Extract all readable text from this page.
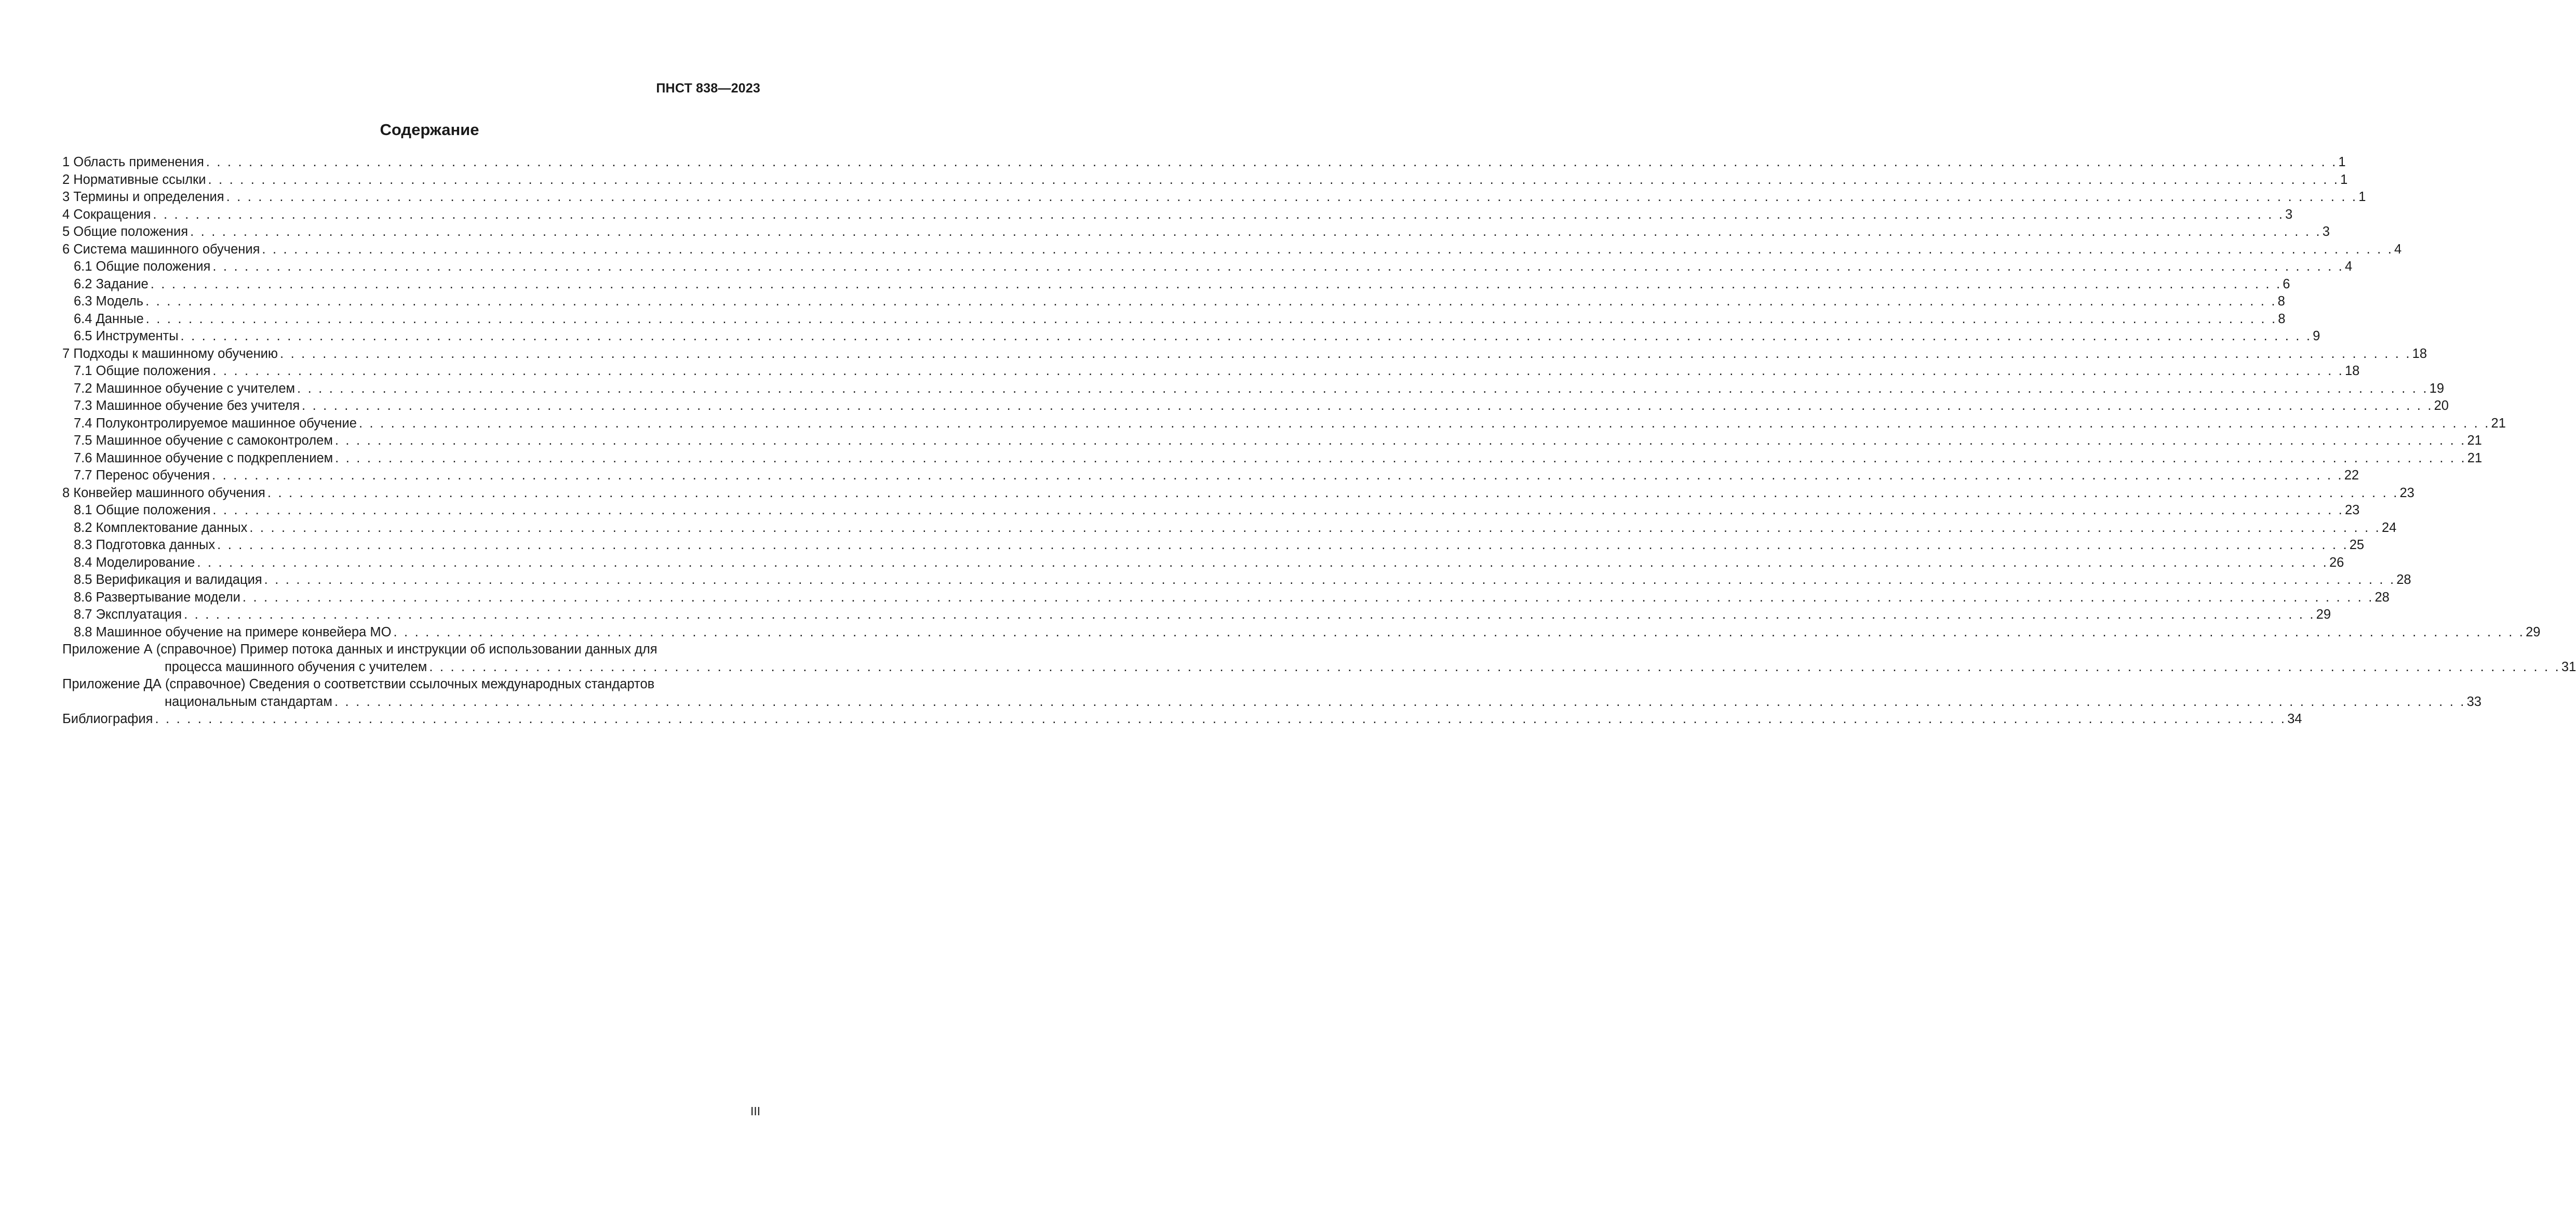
ПНСТ 838—2023
Содержание
1 Область применения . . . . . . . . . . . . . . . . . . . . . . . . . . . . . . . . . . . . . . . . . . . . . . . . . . . . . . . . . . . . . . . . . . . . . . . . . . . . . . . . . . . . . . . . . . . . . . . . . . . . . . . . . . . . . . . . . . . . . . . . . . . . . . . . . . . . . . . . . . . . . . . . . . . . . . . . . . . . . . . . . . . . . . . . . . . . . . . . . . . . . . . . . . . . . . . . . . . . . . . . 1
2 Нормативные ссылки . . . . . . . . . . . . . . . . . . . . . . . . . . . . . . . . . . . . . . . . . . . . . . . . . . . . . . . . . . . . . . . . . . . . . . . . . . . . . . . . . . . . . . . . . . . . . . . . . . . . . . . . . . . . . . . . . . . . . . . . . . . . . . . . . . . . . . . . . . . . . . . . . . . . . . . . . . . . . . . . . . . . . . . . . . . . . . . . . . . . . . . . . . . . . . . . . . . . . . . . 1
3 Термины и определения . . . . . . . . . . . . . . . . . . . . . . . . . . . . . . . . . . . . . . . . . . . . . . . . . . . . . . . . . . . . . . . . . . . . . . . . . . . . . . . . . . . . . . . . . . . . . . . . . . . . . . . . . . . . . . . . . . . . . . . . . . . . . . . . . . . . . . . . . . . . . . . . . . . . . . . . . . . . . . . . . . . . . . . . . . . . . . . . . . . . . . . . . . . . . . . . . . . . . . . . 1
4 Сокращения . . . . . . . . . . . . . . . . . . . . . . . . . . . . . . . . . . . . . . . . . . . . . . . . . . . . . . . . . . . . . . . . . . . . . . . . . . . . . . . . . . . . . . . . . . . . . . . . . . . . . . . . . . . . . . . . . . . . . . . . . . . . . . . . . . . . . . . . . . . . . . . . . . . . . . . . . . . . . . . . . . . . . . . . . . . . . . . . . . . . . . . . . . . . . . . . . . . . . . . . 3
5 Общие положения . . . . . . . . . . . . . . . . . . . . . . . . . . . . . . . . . . . . . . . . . . . . . . . . . . . . . . . . . . . . . . . . . . . . . . . . . . . . . . . . . . . . . . . . . . . . . . . . . . . . . . . . . . . . . . . . . . . . . . . . . . . . . . . . . . . . . . . . . . . . . . . . . . . . . . . . . . . . . . . . . . . . . . . . . . . . . . . . . . . . . . . . . . . . . . . . . . . . . . . . 3
6 Система машинного обучения . . . . . . . . . . . . . . . . . . . . . . . . . . . . . . . . . . . . . . . . . . . . . . . . . . . . . . . . . . . . . . . . . . . . . . . . . . . . . . . . . . . . . . . . . . . . . . . . . . . . . . . . . . . . . . . . . . . . . . . . . . . . . . . . . . . . . . . . . . . . . . . . . . . . . . . . . . . . . . . . . . . . . . . . . . . . . . . . . . . . . . . . . . . . . . . . . . . . . . . . 4
6.1 Общие положения . . . . . . . . . . . . . . . . . . . . . . . . . . . . . . . . . . . . . . . . . . . . . . . . . . . . . . . . . . . . . . . . . . . . . . . . . . . . . . . . . . . . . . . . . . . . . . . . . . . . . . . . . . . . . . . . . . . . . . . . . . . . . . . . . . . . . . . . . . . . . . . . . . . . . . . . . . . . . . . . . . . . . . . . . . . . . . . . . . . . . . . . . . . . . . . . . . . . . . . . 4
6.2 Задание . . . . . . . . . . . . . . . . . . . . . . . . . . . . . . . . . . . . . . . . . . . . . . . . . . . . . . . . . . . . . . . . . . . . . . . . . . . . . . . . . . . . . . . . . . . . . . . . . . . . . . . . . . . . . . . . . . . . . . . . . . . . . . . . . . . . . . . . . . . . . . . . . . . . . . . . . . . . . . . . . . . . . . . . . . . . . . . . . . . . . . . . . . . . . . . . . . . . . . . . 6
6.3 Модель . . . . . . . . . . . . . . . . . . . . . . . . . . . . . . . . . . . . . . . . . . . . . . . . . . . . . . . . . . . . . . . . . . . . . . . . . . . . . . . . . . . . . . . . . . . . . . . . . . . . . . . . . . . . . . . . . . . . . . . . . . . . . . . . . . . . . . . . . . . . . . . . . . . . . . . . . . . . . . . . . . . . . . . . . . . . . . . . . . . . . . . . . . . . . . . . . . . . . . . . 8
6.4 Данные . . . . . . . . . . . . . . . . . . . . . . . . . . . . . . . . . . . . . . . . . . . . . . . . . . . . . . . . . . . . . . . . . . . . . . . . . . . . . . . . . . . . . . . . . . . . . . . . . . . . . . . . . . . . . . . . . . . . . . . . . . . . . . . . . . . . . . . . . . . . . . . . . . . . . . . . . . . . . . . . . . . . . . . . . . . . . . . . . . . . . . . . . . . . . . . . . . . . . . . . 8
6.5 Инструменты . . . . . . . . . . . . . . . . . . . . . . . . . . . . . . . . . . . . . . . . . . . . . . . . . . . . . . . . . . . . . . . . . . . . . . . . . . . . . . . . . . . . . . . . . . . . . . . . . . . . . . . . . . . . . . . . . . . . . . . . . . . . . . . . . . . . . . . . . . . . . . . . . . . . . . . . . . . . . . . . . . . . . . . . . . . . . . . . . . . . . . . . . . . . . . . . . . . . . . . . 9
7 Подходы к машинному обучению . . . . . . . . . . . . . . . . . . . . . . . . . . . . . . . . . . . . . . . . . . . . . . . . . . . . . . . . . . . . . . . . . . . . . . . . . . . . . . . . . . . . . . . . . . . . . . . . . . . . . . . . . . . . . . . . . . . . . . . . . . . . . . . . . . . . . . . . . . . . . . . . . . . . . . . . . . . . . . . . . . . . . . . . . . . . . . . . . . . . . . . . . . . . . . . . . . . . . . . . 18
7.1 Общие положения . . . . . . . . . . . . . . . . . . . . . . . . . . . . . . . . . . . . . . . . . . . . . . . . . . . . . . . . . . . . . . . . . . . . . . . . . . . . . . . . . . . . . . . . . . . . . . . . . . . . . . . . . . . . . . . . . . . . . . . . . . . . . . . . . . . . . . . . . . . . . . . . . . . . . . . . . . . . . . . . . . . . . . . . . . . . . . . . . . . . . . . . . . . . . . . . . . . . . . . . 18
7.2 Машинное обучение с учителем . . . . . . . . . . . . . . . . . . . . . . . . . . . . . . . . . . . . . . . . . . . . . . . . . . . . . . . . . . . . . . . . . . . . . . . . . . . . . . . . . . . . . . . . . . . . . . . . . . . . . . . . . . . . . . . . . . . . . . . . . . . . . . . . . . . . . . . . . . . . . . . . . . . . . . . . . . . . . . . . . . . . . . . . . . . . . . . . . . . . . . . . . . . . . . . . . . . . . . . . 19
7.3 Машинное обучение без учителя . . . . . . . . . . . . . . . . . . . . . . . . . . . . . . . . . . . . . . . . . . . . . . . . . . . . . . . . . . . . . . . . . . . . . . . . . . . . . . . . . . . . . . . . . . . . . . . . . . . . . . . . . . . . . . . . . . . . . . . . . . . . . . . . . . . . . . . . . . . . . . . . . . . . . . . . . . . . . . . . . . . . . . . . . . . . . . . . . . . . . . . . . . . . . . . . . . . . . . . . 20
7.4 Полуконтролируемое машинное обучение . . . . . . . . . . . . . . . . . . . . . . . . . . . . . . . . . . . . . . . . . . . . . . . . . . . . . . . . . . . . . . . . . . . . . . . . . . . . . . . . . . . . . . . . . . . . . . . . . . . . . . . . . . . . . . . . . . . . . . . . . . . . . . . . . . . . . . . . . . . . . . . . . . . . . . . . . . . . . . . . . . . . . . . . . . . . . . . . . . . . . . . . . . . . . . . . . . . . . . . . 21
7.5 Машинное обучение с самоконтролем . . . . . . . . . . . . . . . . . . . . . . . . . . . . . . . . . . . . . . . . . . . . . . . . . . . . . . . . . . . . . . . . . . . . . . . . . . . . . . . . . . . . . . . . . . . . . . . . . . . . . . . . . . . . . . . . . . . . . . . . . . . . . . . . . . . . . . . . . . . . . . . . . . . . . . . . . . . . . . . . . . . . . . . . . . . . . . . . . . . . . . . . . . . . . . . . . . . . . . . . 21
7.6 Машинное обучение с подкреплением . . . . . . . . . . . . . . . . . . . . . . . . . . . . . . . . . . . . . . . . . . . . . . . . . . . . . . . . . . . . . . . . . . . . . . . . . . . . . . . . . . . . . . . . . . . . . . . . . . . . . . . . . . . . . . . . . . . . . . . . . . . . . . . . . . . . . . . . . . . . . . . . . . . . . . . . . . . . . . . . . . . . . . . . . . . . . . . . . . . . . . . . . . . . . . . . . . . . . . . . 21
7.7 Перенос обучения . . . . . . . . . . . . . . . . . . . . . . . . . . . . . . . . . . . . . . . . . . . . . . . . . . . . . . . . . . . . . . . . . . . . . . . . . . . . . . . . . . . . . . . . . . . . . . . . . . . . . . . . . . . . . . . . . . . . . . . . . . . . . . . . . . . . . . . . . . . . . . . . . . . . . . . . . . . . . . . . . . . . . . . . . . . . . . . . . . . . . . . . . . . . . . . . . . . . . . . . 22
8 Конвейер машинного обучения . . . . . . . . . . . . . . . . . . . . . . . . . . . . . . . . . . . . . . . . . . . . . . . . . . . . . . . . . . . . . . . . . . . . . . . . . . . . . . . . . . . . . . . . . . . . . . . . . . . . . . . . . . . . . . . . . . . . . . . . . . . . . . . . . . . . . . . . . . . . . . . . . . . . . . . . . . . . . . . . . . . . . . . . . . . . . . . . . . . . . . . . . . . . . . . . . . . . . . . . 23
8.1 Общие положения . . . . . . . . . . . . . . . . . . . . . . . . . . . . . . . . . . . . . . . . . . . . . . . . . . . . . . . . . . . . . . . . . . . . . . . . . . . . . . . . . . . . . . . . . . . . . . . . . . . . . . . . . . . . . . . . . . . . . . . . . . . . . . . . . . . . . . . . . . . . . . . . . . . . . . . . . . . . . . . . . . . . . . . . . . . . . . . . . . . . . . . . . . . . . . . . . . . . . . . . 23
8.2 Комплектование данных . . . . . . . . . . . . . . . . . . . . . . . . . . . . . . . . . . . . . . . . . . . . . . . . . . . . . . . . . . . . . . . . . . . . . . . . . . . . . . . . . . . . . . . . . . . . . . . . . . . . . . . . . . . . . . . . . . . . . . . . . . . . . . . . . . . . . . . . . . . . . . . . . . . . . . . . . . . . . . . . . . . . . . . . . . . . . . . . . . . . . . . . . . . . . . . . . . . . . . . . 24
8.3 Подготовка данных . . . . . . . . . . . . . . . . . . . . . . . . . . . . . . . . . . . . . . . . . . . . . . . . . . . . . . . . . . . . . . . . . . . . . . . . . . . . . . . . . . . . . . . . . . . . . . . . . . . . . . . . . . . . . . . . . . . . . . . . . . . . . . . . . . . . . . . . . . . . . . . . . . . . . . . . . . . . . . . . . . . . . . . . . . . . . . . . . . . . . . . . . . . . . . . . . . . . . . . . 25
8.4 Моделирование . . . . . . . . . . . . . . . . . . . . . . . . . . . . . . . . . . . . . . . . . . . . . . . . . . . . . . . . . . . . . . . . . . . . . . . . . . . . . . . . . . . . . . . . . . . . . . . . . . . . . . . . . . . . . . . . . . . . . . . . . . . . . . . . . . . . . . . . . . . . . . . . . . . . . . . . . . . . . . . . . . . . . . . . . . . . . . . . . . . . . . . . . . . . . . . . . . . . . . . . 26
8.5 Верификация и валидация . . . . . . . . . . . . . . . . . . . . . . . . . . . . . . . . . . . . . . . . . . . . . . . . . . . . . . . . . . . . . . . . . . . . . . . . . . . . . . . . . . . . . . . . . . . . . . . . . . . . . . . . . . . . . . . . . . . . . . . . . . . . . . . . . . . . . . . . . . . . . . . . . . . . . . . . . . . . . . . . . . . . . . . . . . . . . . . . . . . . . . . . . . . . . . . . . . . . . . . . 28
8.6 Развертывание модели . . . . . . . . . . . . . . . . . . . . . . . . . . . . . . . . . . . . . . . . . . . . . . . . . . . . . . . . . . . . . . . . . . . . . . . . . . . . . . . . . . . . . . . . . . . . . . . . . . . . . . . . . . . . . . . . . . . . . . . . . . . . . . . . . . . . . . . . . . . . . . . . . . . . . . . . . . . . . . . . . . . . . . . . . . . . . . . . . . . . . . . . . . . . . . . . . . . . . . . . 28
8.7 Эксплуатация . . . . . . . . . . . . . . . . . . . . . . . . . . . . . . . . . . . . . . . . . . . . . . . . . . . . . . . . . . . . . . . . . . . . . . . . . . . . . . . . . . . . . . . . . . . . . . . . . . . . . . . . . . . . . . . . . . . . . . . . . . . . . . . . . . . . . . . . . . . . . . . . . . . . . . . . . . . . . . . . . . . . . . . . . . . . . . . . . . . . . . . . . . . . . . . . . . . . . . . . 29
8.8 Машинное обучение на примере конвейера МО . . . . . . . . . . . . . . . . . . . . . . . . . . . . . . . . . . . . . . . . . . . . . . . . . . . . . . . . . . . . . . . . . . . . . . . . . . . . . . . . . . . . . . . . . . . . . . . . . . . . . . . . . . . . . . . . . . . . . . . . . . . . . . . . . . . . . . . . . . . . . . . . . . . . . . . . . . . . . . . . . . . . . . . . . . . . . . . . . . . . . . . . . . . . . . . . . . . . . . . . 29
Приложение А (справочное) Пример потока данных и инструкции об использовании данных для
процесса машинного обучения с учителем . . . . . . . . . . . . . . . . . . . . . . . . . . . . . . . . . . . . . . . . . . . . . . . . . . . . . . . . . . . . . . . . . . . . . . . . . . . . . . . . . . . . . . . . . . . . . . . . . . . . . . . . . . . . . . . . . . . . . . . . . . . . . . . . . . . . . . . . . . . . . . . . . . . . . . . . . . . . . . . . . . . . . . . . . . . . . . . . . . . . . . . . . . . . . . . . . . . . . . . . 31
Приложение ДА (справочное) Сведения о соответствии ссылочных международных стандартов
национальным стандартам . . . . . . . . . . . . . . . . . . . . . . . . . . . . . . . . . . . . . . . . . . . . . . . . . . . . . . . . . . . . . . . . . . . . . . . . . . . . . . . . . . . . . . . . . . . . . . . . . . . . . . . . . . . . . . . . . . . . . . . . . . . . . . . . . . . . . . . . . . . . . . . . . . . . . . . . . . . . . . . . . . . . . . . . . . . . . . . . . . . . . . . . . . . . . . . . . . . . . . . . 33
Библиография . . . . . . . . . . . . . . . . . . . . . . . . . . . . . . . . . . . . . . . . . . . . . . . . . . . . . . . . . . . . . . . . . . . . . . . . . . . . . . . . . . . . . . . . . . . . . . . . . . . . . . . . . . . . . . . . . . . . . . . . . . . . . . . . . . . . . . . . . . . . . . . . . . . . . . . . . . . . . . . . . . . . . . . . . . . . . . . . . . . . . . . . . . . . . . . . . . . . . . . . 34
III
